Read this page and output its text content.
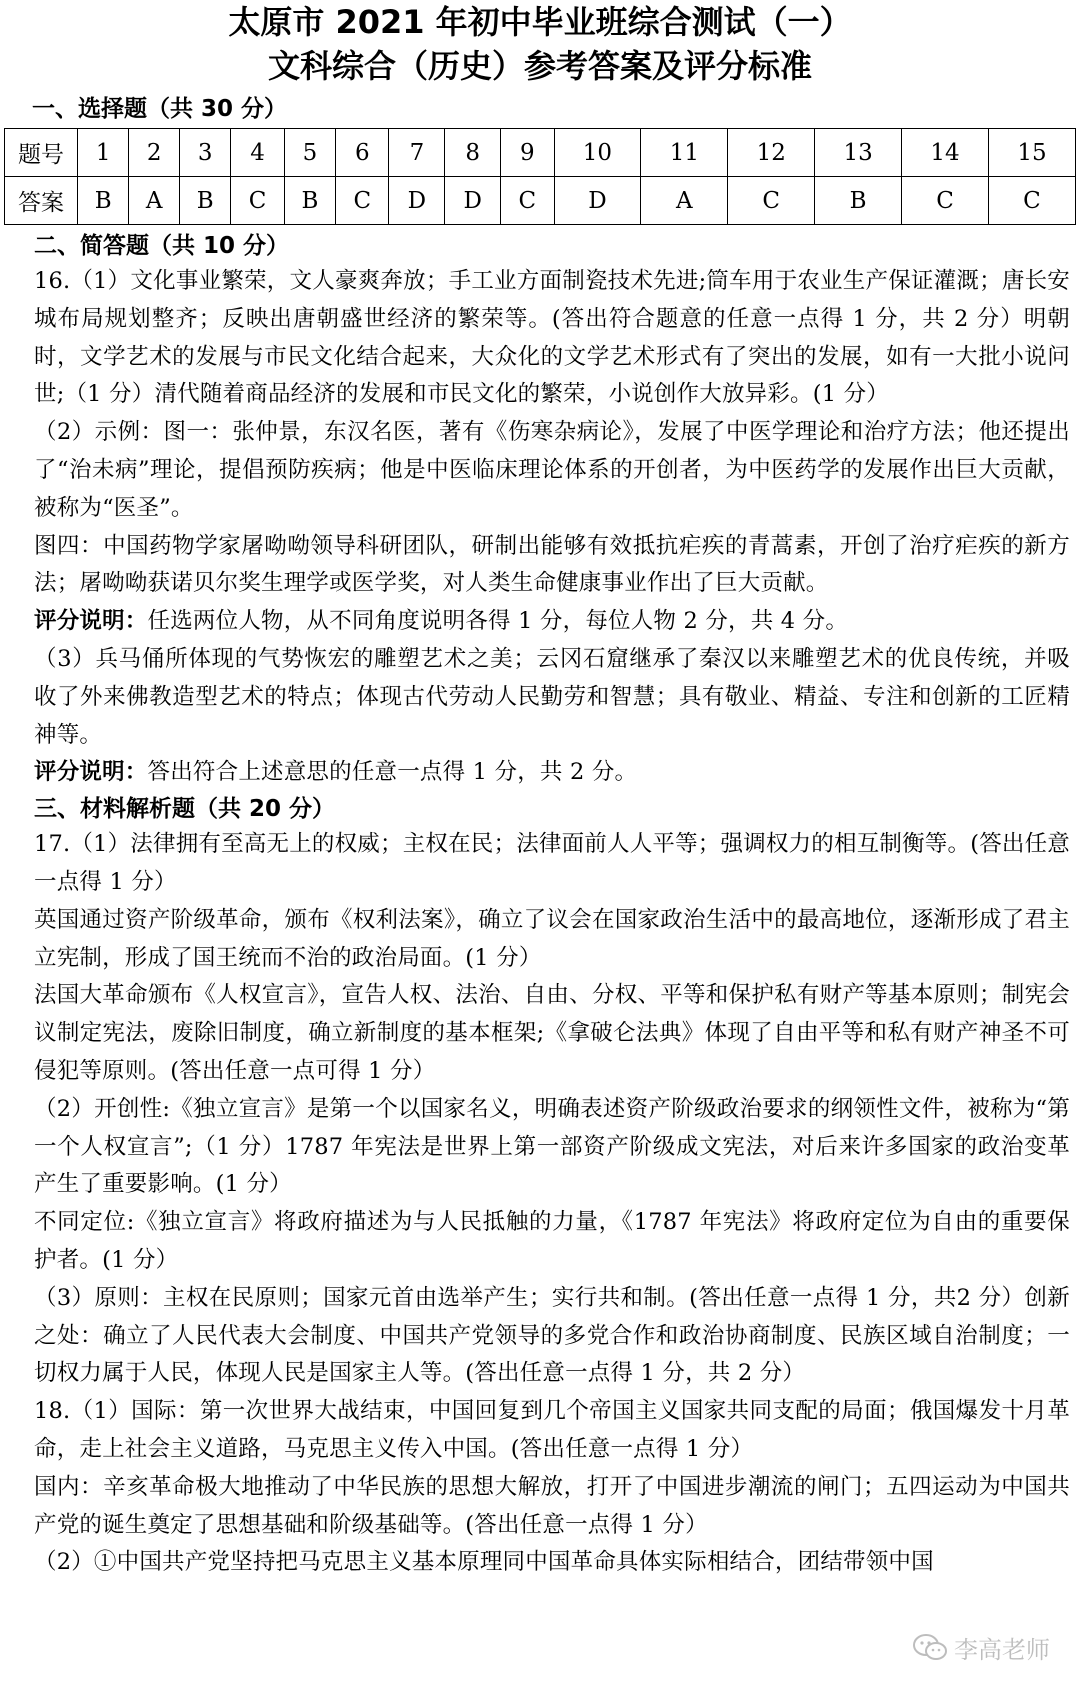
太原市 2021 年初中毕业班综合测试（一）
文科综合（历史）参考答案及评分标准
一、选择题（共 30 分）
题号	1	2	3	4	5	6	7	8	9	10	11	12	13	14	15
答案	B	A	B	C	B	C	D	D	C	D	A	C	B	C	C
二、简答题（共 10 分）

16.（1）文化事业繁荣，文人豪爽奔放；手工业方面制瓷技术先进;筒车用于农业生产保证灌溉；唐长安城布局规划整齐；反映出唐朝盛世经济的繁荣等。(答出符合题意的任意一点得 1 分，共 2 分）明朝时，文学艺术的发展与市民文化结合起来，大众化的文学艺术形式有了突出的发展，如有一大批小说问世;（1 分）清代随着商品经济的发展和市民文化的繁荣，小说创作大放异彩。(1 分）

（2）示例：图一：张仲景，东汉名医，著有《伤寒杂病论》，发展了中医学理论和治疗方法；他还提出了“治未病”理论，提倡预防疾病；他是中医临床理论体系的开创者，为中医药学的发展作出巨大贡献，被称为“医圣”。

图四：中国药物学家屠呦呦领导科研团队，研制出能够有效抵抗疟疾的青蒿素，开创了治疗疟疾的新方法；屠呦呦获诺贝尔奖生理学或医学奖，对人类生命健康事业作出了巨大贡献。

评分说明：任选两位人物，从不同角度说明各得 1 分，每位人物 2 分，共 4 分。

（3）兵马俑所体现的气势恢宏的雕塑艺术之美；云冈石窟继承了秦汉以来雕塑艺术的优良传统，并吸收了外来佛教造型艺术的特点；体现古代劳动人民勤劳和智慧；具有敬业、精益、专注和创新的工匠精神等。

评分说明：答出符合上述意思的任意一点得 1 分，共 2 分。

三、材料解析题（共 20 分）

17.（1）法律拥有至高无上的权威；主权在民；法律面前人人平等；强调权力的相互制衡等。(答出任意一点得 1 分）

英国通过资产阶级革命，颁布《权利法案》，确立了议会在国家政治生活中的最高地位，逐渐形成了君主立宪制，形成了国王统而不治的政治局面。(1 分）

法国大革命颁布《人权宣言》，宣告人权、法治、自由、分权、平等和保护私有财产等基本原则；制宪会议制定宪法，废除旧制度，确立新制度的基本框架;《拿破仑法典》体现了自由平等和私有财产神圣不可侵犯等原则。(答出任意一点可得 1 分）

（2）开创性:《独立宣言》是第一个以国家名义，明确表述资产阶级政治要求的纲领性文件，被称为“第一个人权宣言”;（1 分）1787 年宪法是世界上第一部资产阶级成文宪法，对后来许多国家的政治变革产生了重要影响。(1 分）

不同定位:《独立宣言》将政府描述为与人民抵触的力量，《1787 年宪法》将政府定位为自由的重要保护者。(1 分）

（3）原则：主权在民原则；国家元首由选举产生；实行共和制。(答出任意一点得 1 分，共2 分）创新之处：确立了人民代表大会制度、中国共产党领导的多党合作和政治协商制度、民族区域自治制度；一切权力属于人民，体现人民是国家主人等。(答出任意一点得 1 分，共 2 分）

18.（1）国际：第一次世界大战结束，中国回复到几个帝国主义国家共同支配的局面；俄国爆发十月革命，走上社会主义道路，马克思主义传入中国。(答出任意一点得 1 分）

国内：辛亥革命极大地推动了中华民族的思想大解放，打开了中国进步潮流的闸门；五四运动为中国共产党的诞生奠定了思想基础和阶级基础等。(答出任意一点得 1 分）

（2）①中国共产党坚持把马克思主义基本原理同中国革命具体实际相结合，团结带领中国

李高老师
